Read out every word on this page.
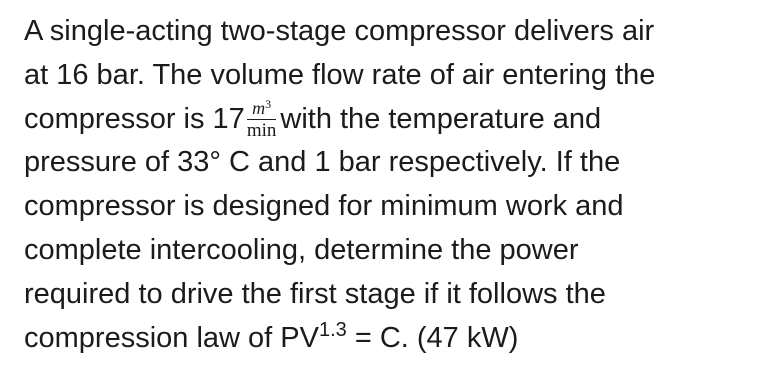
A single-acting two-stage compressor delivers air
at 16 bar. The volume flow rate of air entering the
compressor is $17 \frac{m^3}{\min}$ with the temperature and
pressure of 33° C and 1 bar respectively. If the
compressor is designed for minimum work and
complete intercooling, determine the power
required to drive the first stage if it follows the
compression law of $PV^{1.3} = C$. (47 kW)
